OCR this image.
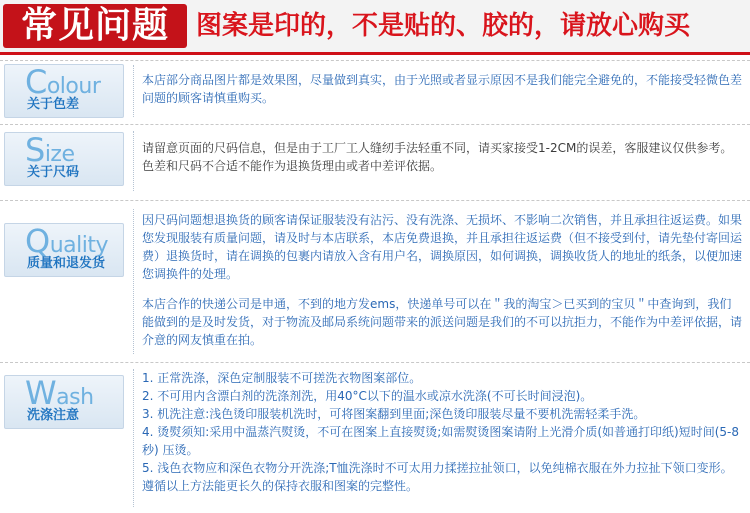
常见问题	图案是印的，不是贴的、胶的，请放心购买
Colour
关于色差

本店部分商品图片都是效果图，尽量做到真实，由于光照或者显示原因不是我们能完全避免的，不能接受轻微色差问题的顾客请慎重购买。

Size
关于尺码

请留意页面的尺码信息，但是由于工厂工人缝纫手法轻重不同，请买家接受1-2CM的误差，客服建议仅供参考。色差和尺码不合适不能作为退换货理由或者中差评依据。

Quality
质量和退发货

因尺码问题想退换货的顾客请保证服装没有沾污、没有洗涤、无损坏、不影响二次销售，并且承担往返运费。如果您发现服装有质量问题，请及时与本店联系，本店免费退换，并且承担往返运费（但不接受到付，请先垫付寄回运费）退换货时，请在调换的包裹内请放入含有用户名，调换原因，如何调换，调换收货人的地址的纸条，以便加速您调换件的处理。

本店合作的快递公司是申通，不到的地方发ems，快递单号可以在＂我的淘宝＞已买到的宝贝＂中查询到，我们能做到的是及时发货，对于物流及邮局系统问题带来的派送问题是我们的不可以抗拒力，不能作为中差评依据，请介意的网友慎重在拍。

Wash
洗涤注意
1. 正常洗涤，深色定制服装不可搓洗衣物图案部位。
2. 不可用内含漂白剂的洗涤剂洗，用40°C以下的温水或凉水洗涤(不可长时间浸泡)。
3. 机洗注意:浅色烫印服装机洗时，可将图案翻到里面;深色烫印服装尽量不要机洗需轻柔手洗。
4. 烫熨须知:采用中温蒸汽熨烫，不可在图案上直接熨烫;如需熨烫图案请附上光滑介质(如普通打印纸)短时间(5-8秒) 压烫。
5. 浅色衣物应和深色衣物分开洗涤;T恤洗涤时不可太用力揉搓拉扯领口，以免纯棉衣服在外力拉扯下领口变形。

遵循以上方法能更长久的保持衣服和图案的完整性。
